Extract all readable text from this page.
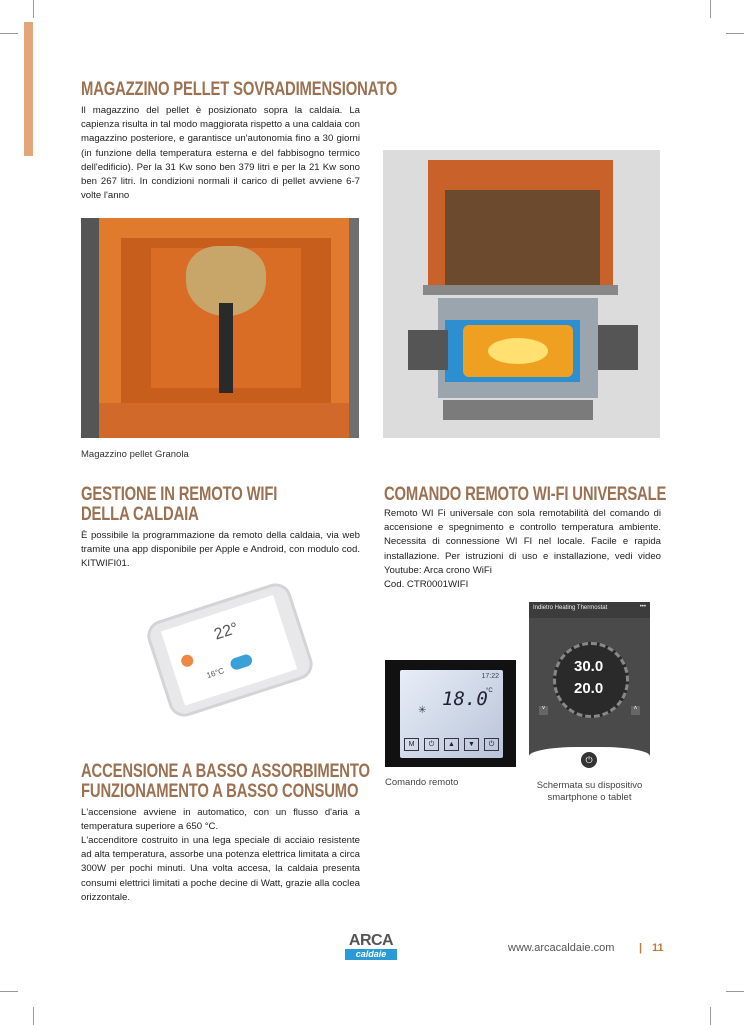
MAGAZZINO PELLET SOVRADIMENSIONATO
Il magazzino del pellet è posizionato sopra la caldaia. La capienza risulta in tal modo maggiorata rispetto a una caldaia con magazzino posteriore, e garantisce un'autonomia fino a 30 giorni (in funzione della temperatura esterna e del fabbisogno termico dell'edificio). Per la 31 Kw sono ben 379 litri e per la 21 Kw sono ben 267 litri. In condizioni normali il carico di pellet avviene 6-7 volte l'anno
Magazzino pellet Granola
GESTIONE IN REMOTO WIFI
DELLA CALDAIA
È possibile la programmazione da remoto della caldaia, via web tramite una app disponibile per Apple e Android, con modulo cod. KITWIFI01.
22°
16°C
COMANDO REMOTO WI-FI UNIVERSALE
Remoto WI Fi universale con sola remotabilità del comando di accensione e spegnimento e controllo temperatura ambiente. Necessita di connessione WI FI nel locale. Facile e rapida installazione. Per istruzioni di uso e installazione, vedi video Youtube: Arca crono WiFi
Cod. CTR0001WIFI
17:22
18.0
°C
✳
M	⏻	▲	▼	⏻
Comando remoto
Indietro Heating Thermostat	•••
30.0
20.0
˅	˄
⏻
Schermata su dispositivo
smartphone o tablet
ACCENSIONE A BASSO ASSORBIMENTO
FUNZIONAMENTO A BASSO CONSUMO
L'accensione avviene in automatico, con un flusso d'aria a temperatura superiore a 650 °C.
L'accenditore costruito in una lega speciale di acciaio resistente ad alta temperatura, assorbe una potenza elettrica limitata a circa 300W per pochi minuti. Una volta accesa, la caldaia presenta consumi elettrici limitati a poche decine di Watt, grazie alla coclea orizzontale.
ARCA
caldaie	www.arcacaldaie.com | 11
